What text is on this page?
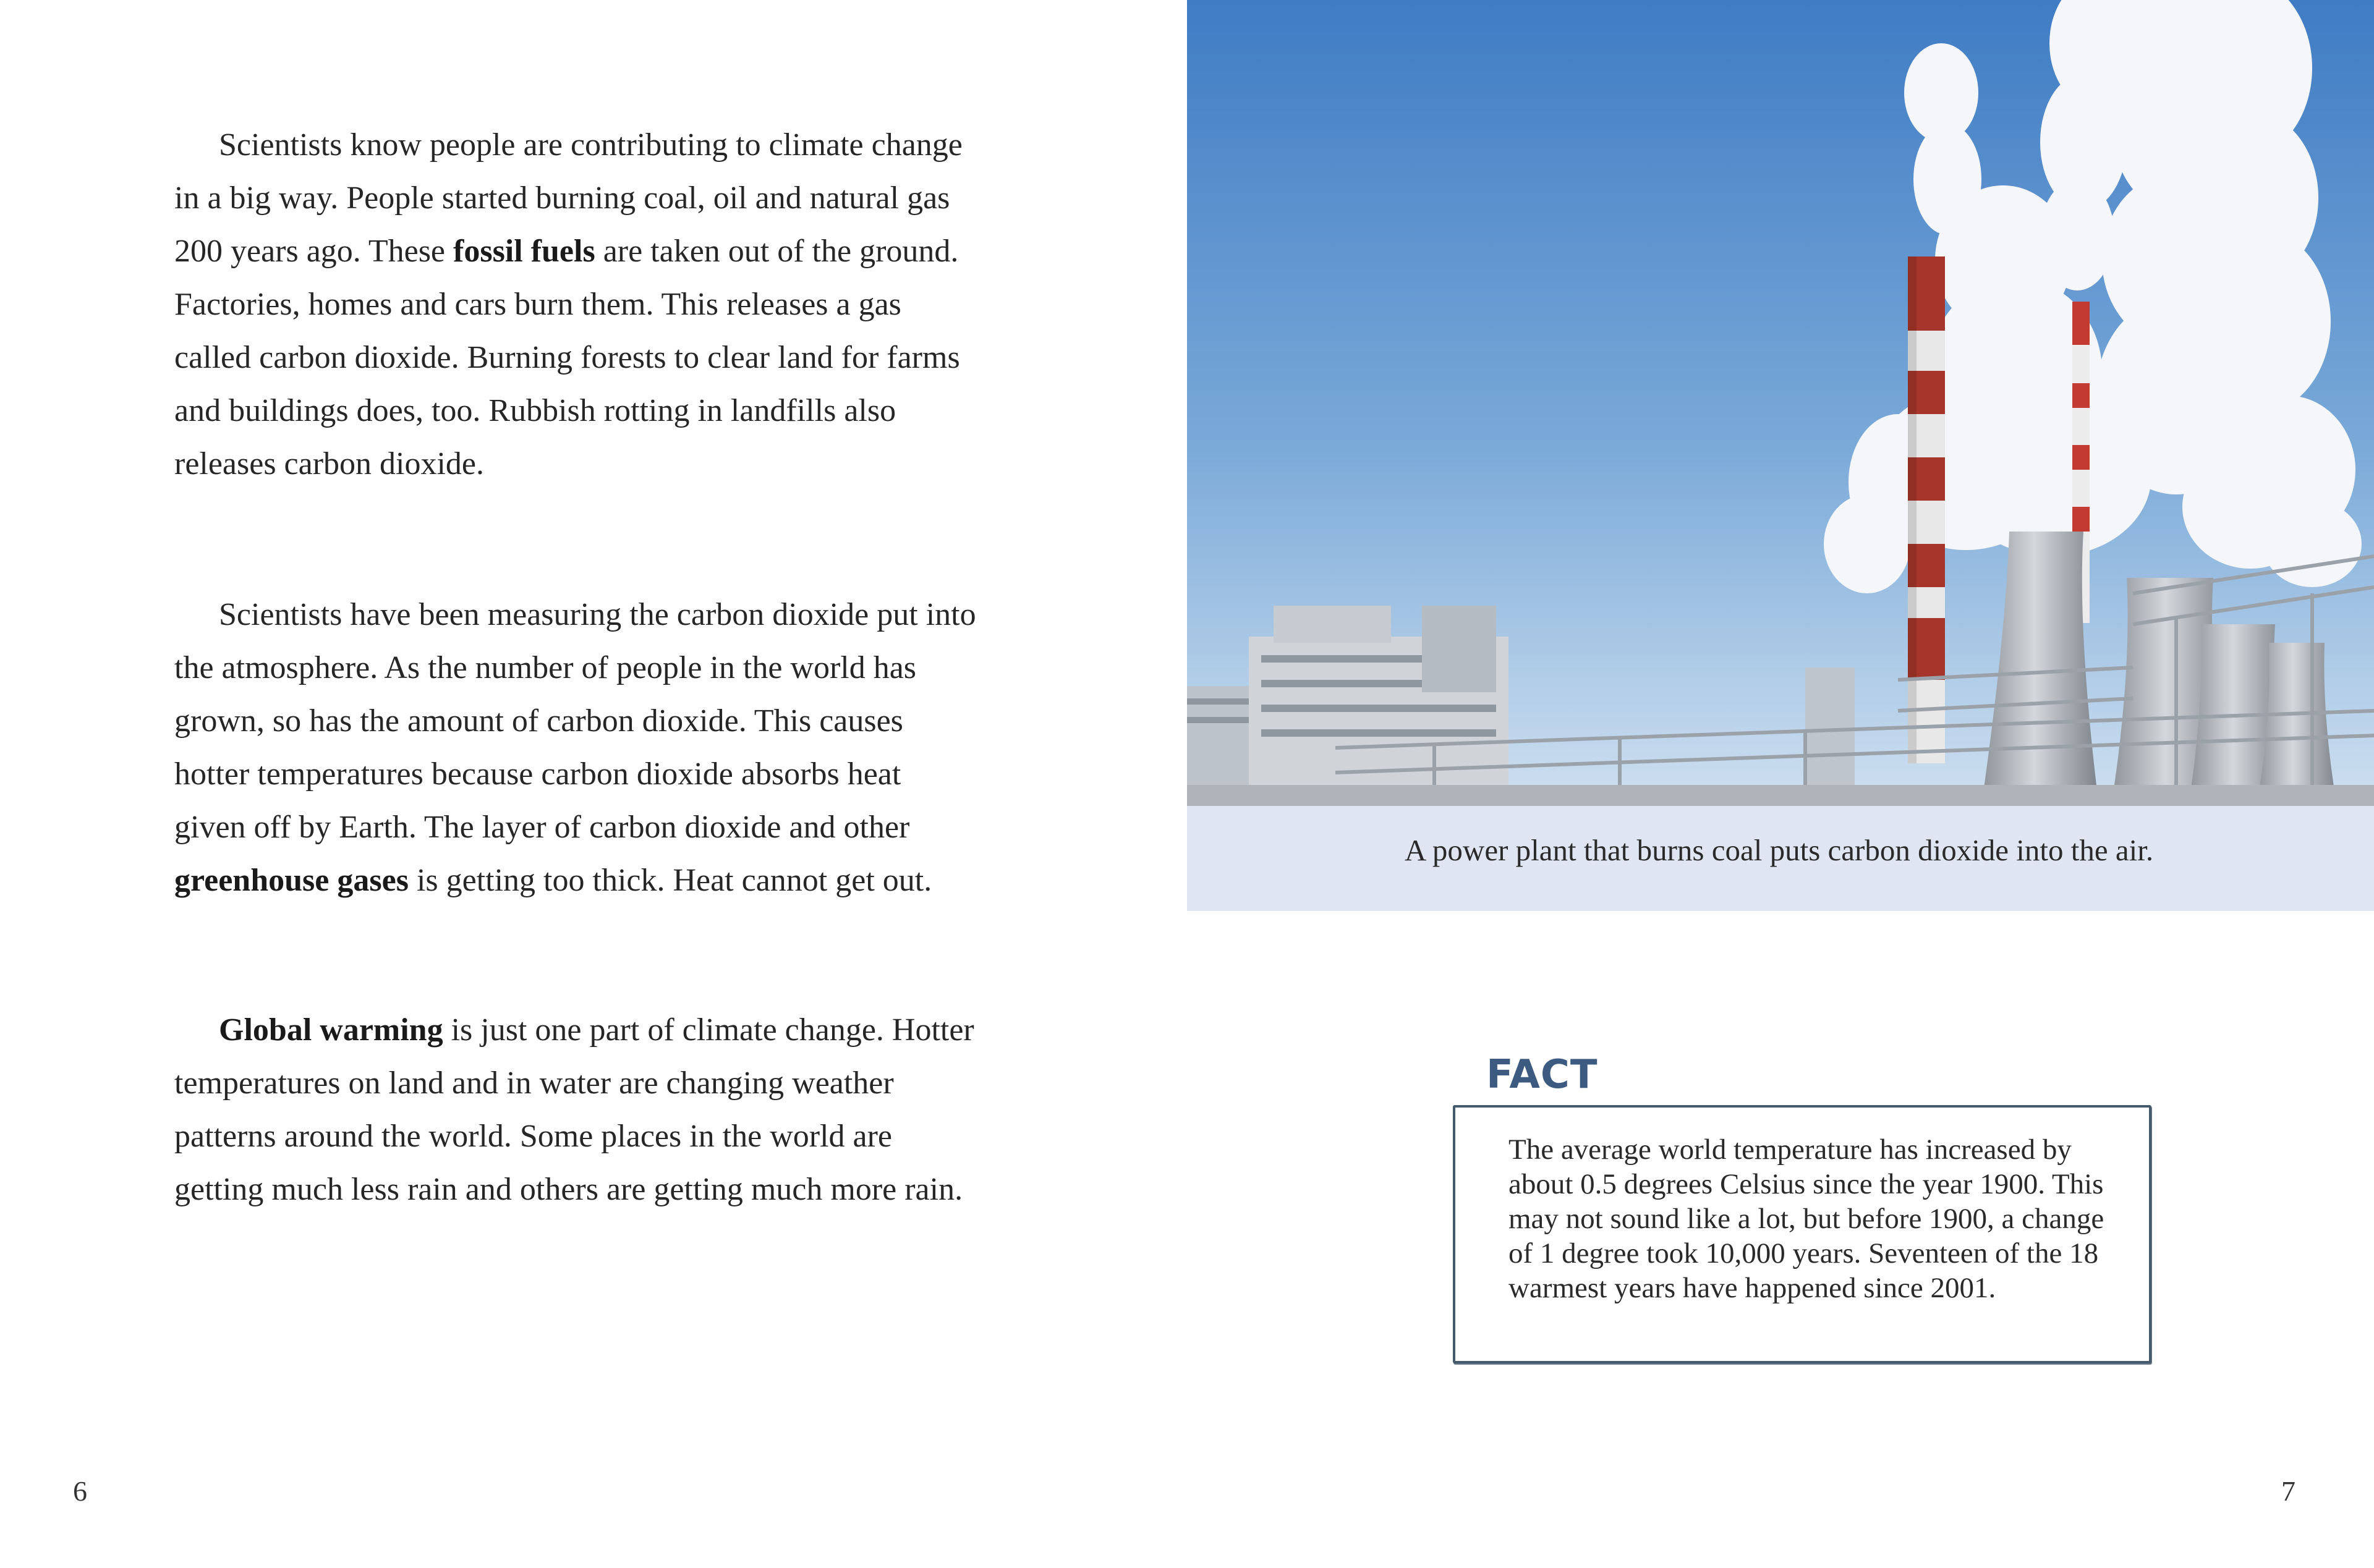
Scientists know people are contributing to climate change in a big way. People started burning coal, oil and natural gas 200 years ago. These fossil fuels are taken out of the ground. Factories, homes and cars burn them. This releases a gas called carbon dioxide. Burning forests to clear land for farms and buildings does, too. Rubbish rotting in landfills also releases carbon dioxide.

Scientists have been measuring the carbon dioxide put into the atmosphere. As the number of people in the world has grown, so has the amount of carbon dioxide. This causes hotter temperatures because carbon dioxide absorbs heat given off by Earth. The layer of carbon dioxide and other greenhouse gases is getting too thick. Heat cannot get out.

Global warming is just one part of climate change. Hotter temperatures on land and in water are changing weather patterns around the world. Some places in the world are getting much less rain and others are getting much more rain.

6
A power plant that burns coal puts carbon dioxide into the air.
FACT
The average world temperature has increased by about 0.5 degrees Celsius since the year 1900. This may not sound like a lot, but before 1900, a change of 1 degree took 10,000 years. Seventeen of the 18 warmest years have happened since 2001.
7
